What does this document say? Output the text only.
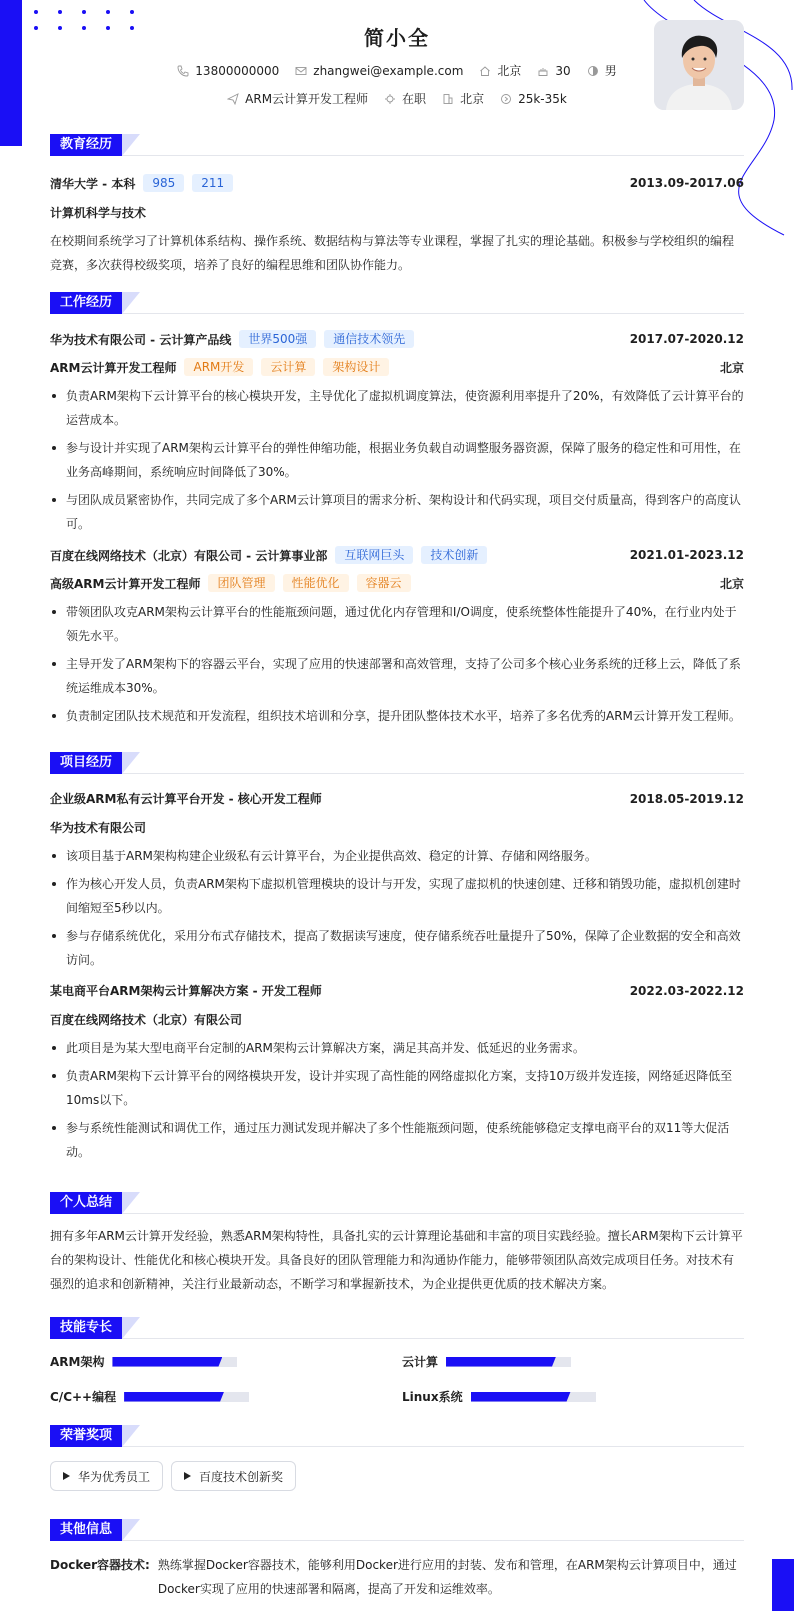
简小全
13800000000	zhangwei@example.com	北京	30	男
ARM云计算开发工程师	在职	北京	25k-35k
教育经历
清华大学 - 本科	985	211	2013.09-2017.06
计算机科学与技术
在校期间系统学习了计算机体系结构、操作系统、数据结构与算法等专业课程，掌握了扎实的理论基础。积极参与学校组织的编程竞赛，多次获得校级奖项，培养了良好的编程思维和团队协作能力。
工作经历
华为技术有限公司 - 云计算产品线	世界500强	通信技术领先	2017.07-2020.12
ARM云计算开发工程师	ARM开发	云计算	架构设计	北京
负责ARM架构下云计算平台的核心模块开发，主导优化了虚拟机调度算法，使资源利用率提升了20%，有效降低了云计算平台的运营成本。
参与设计并实现了ARM架构云计算平台的弹性伸缩功能，根据业务负载自动调整服务器资源，保障了服务的稳定性和可用性，在业务高峰期间，系统响应时间降低了30%。
与团队成员紧密协作，共同完成了多个ARM云计算项目的需求分析、架构设计和代码实现，项目交付质量高，得到客户的高度认可。
百度在线网络技术（北京）有限公司 - 云计算事业部	互联网巨头	技术创新	2021.01-2023.12
高级ARM云计算开发工程师	团队管理	性能优化	容器云	北京
带领团队攻克ARM架构云计算平台的性能瓶颈问题，通过优化内存管理和I/O调度，使系统整体性能提升了40%，在行业内处于领先水平。
主导开发了ARM架构下的容器云平台，实现了应用的快速部署和高效管理，支持了公司多个核心业务系统的迁移上云，降低了系统运维成本30%。
负责制定团队技术规范和开发流程，组织技术培训和分享，提升团队整体技术水平，培养了多名优秀的ARM云计算开发工程师。
项目经历
企业级ARM私有云计算平台开发 - 核心开发工程师	2018.05-2019.12
华为技术有限公司
该项目基于ARM架构构建企业级私有云计算平台，为企业提供高效、稳定的计算、存储和网络服务。
作为核心开发人员，负责ARM架构下虚拟机管理模块的设计与开发，实现了虚拟机的快速创建、迁移和销毁功能，虚拟机创建时间缩短至5秒以内。
参与存储系统优化，采用分布式存储技术，提高了数据读写速度，使存储系统吞吐量提升了50%，保障了企业数据的安全和高效访问。
某电商平台ARM架构云计算解决方案 - 开发工程师	2022.03-2022.12
百度在线网络技术（北京）有限公司
此项目是为某大型电商平台定制的ARM架构云计算解决方案，满足其高并发、低延迟的业务需求。
负责ARM架构下云计算平台的网络模块开发，设计并实现了高性能的网络虚拟化方案，支持10万级并发连接，网络延迟降低至10ms以下。
参与系统性能测试和调优工作，通过压力测试发现并解决了多个性能瓶颈问题，使系统能够稳定支撑电商平台的双11等大促活动。
个人总结
拥有多年ARM云计算开发经验，熟悉ARM架构特性，具备扎实的云计算理论基础和丰富的项目实践经验。擅长ARM架构下云计算平台的架构设计、性能优化和核心模块开发。具备良好的团队管理能力和沟通协作能力，能够带领团队高效完成项目任务。对技术有强烈的追求和创新精神，关注行业最新动态，不断学习和掌握新技术，为企业提供更优质的技术解决方案。
技能专长
ARM架构	云计算
C/C++编程	Linux系统
荣誉奖项
华为优秀员工	百度技术创新奖
其他信息
Docker容器技术: 熟练掌握Docker容器技术，能够利用Docker进行应用的封装、发布和管理，在ARM架构云计算项目中，通过Docker实现了应用的快速部署和隔离，提高了开发和运维效率。
